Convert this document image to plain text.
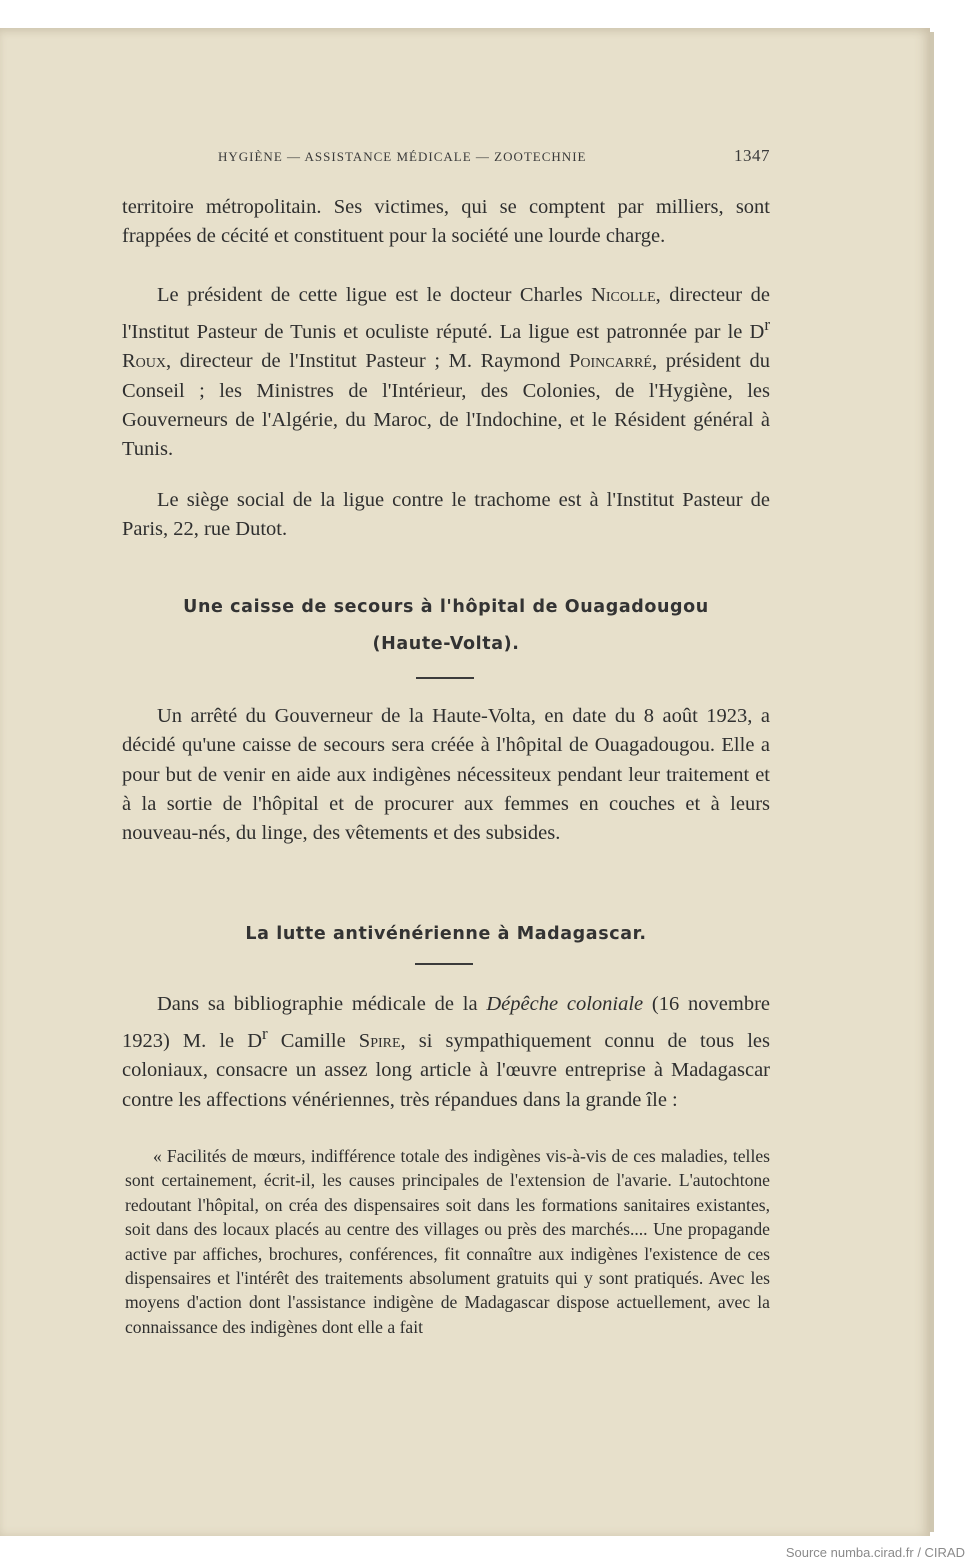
HYGIÈNE — ASSISTANCE MÉDICALE — ZOOTECHNIE	1347

territoire métropolitain. Ses victimes, qui se comptent par milliers, sont frappées de cécité et constituent pour la société une lourde charge.

Le président de cette ligue est le docteur Charles Nicolle, directeur de l'Institut Pasteur de Tunis et oculiste réputé. La ligue est patronnée par le $D^r$ Roux, directeur de l'Institut Pasteur ; M. Raymond Poincarré, président du Conseil ; les Ministres de l'Intérieur, des Colonies, de l'Hygiène, les Gouverneurs de l'Algérie, du Maroc, de l'Indochine, et le Résident général à Tunis.

Le siège social de la ligue contre le trachome est à l'Institut Pasteur de Paris, 22, rue Dutot.

Une caisse de secours à l'hôpital de Ouagadougou
(Haute-Volta).

Un arrêté du Gouverneur de la Haute-Volta, en date du 8 août 1923, a décidé qu'une caisse de secours sera créée à l'hôpital de Ouagadougou. Elle a pour but de venir en aide aux indigènes nécessiteux pendant leur traitement et à la sortie de l'hôpital et de procurer aux femmes en couches et à leurs nouveau-nés, du linge, des vêtements et des subsides.

La lutte antivénérienne à Madagascar.

Dans sa bibliographie médicale de la Dépêche coloniale (16 novembre 1923) M. le $D^r$ Camille Spire, si sympathiquement connu de tous les coloniaux, consacre un assez long article à l'œuvre entreprise à Madagascar contre les affections vénériennes, très répandues dans la grande île :

« Facilités de mœurs, indifférence totale des indigènes vis-à-vis de ces maladies, telles sont certainement, écrit-il, les causes principales de l'extension de l'avarie. L'autochtone redoutant l'hôpital, on créa des dispensaires soit dans les formations sanitaires existantes, soit dans des locaux placés au centre des villages ou près des marchés.... Une propagande active par affiches, brochures, conférences, fit connaître aux indigènes l'existence de ces dispensaires et l'intérêt des traitements absolument gratuits qui y sont pratiqués. Avec les moyens d'action dont l'assistance indigène de Madagascar dispose actuellement, avec la connaissance des indigènes dont elle a fait

Source numba.cirad.fr / CIRAD
